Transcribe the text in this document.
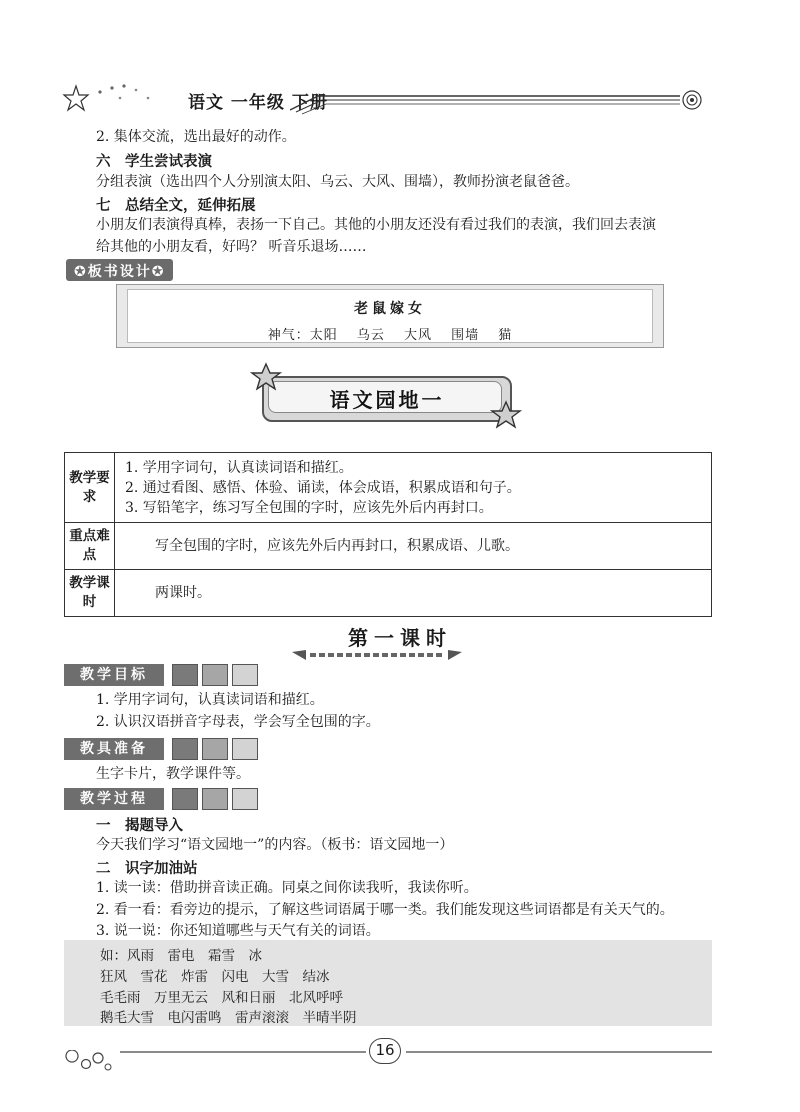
语文 一年级 下册
2. 集体交流，选出最好的动作。
六　学生尝试表演
分组表演（选出四个人分别演太阳、乌云、大风、围墙），教师扮演老鼠爸爸。
七　总结全文，延伸拓展
小朋友们表演得真棒，表扬一下自己。其他的小朋友还没有看过我们的表演，我们回去表演
给其他的小朋友看，好吗？ 听音乐退场……
✪板书设计✪
老鼠嫁女
神气：太阳　 乌云　 大风　 围墙　 猫
语文园地一
教学要求	1. 学用字词句，认真读词语和描红。
2. 通过看图、感悟、体验、诵读，体会成语，积累成语和句子。
3. 写铅笔字，练习写全包围的字时，应该先外后内再封口。

重点难点	写全包围的字时，应该先外后内再封口，积累成语、儿歌。
教学课时	两课时。
第一课时
教学目标
1. 学用字词句，认真读词语和描红。
2. 认识汉语拼音字母表，学会写全包围的字。
教具准备
生字卡片，教学课件等。
教学过程
一　揭题导入
今天我们学习“语文园地一”的内容。（板书：语文园地一）
二　识字加油站
1. 读一读：借助拼音读正确。同桌之间你读我听，我读你听。
2. 看一看：看旁边的提示，了解这些词语属于哪一类。我们能发现这些词语都是有关天气的。
3. 说一说：你还知道哪些与天气有关的词语。
如：风雨　雷电　霜雪　冰
狂风　雪花　炸雷　闪电　大雪　结冰
毛毛雨　万里无云　风和日丽　北风呼呼
鹅毛大雪　电闪雷鸣　雷声滚滚　半晴半阴
16
